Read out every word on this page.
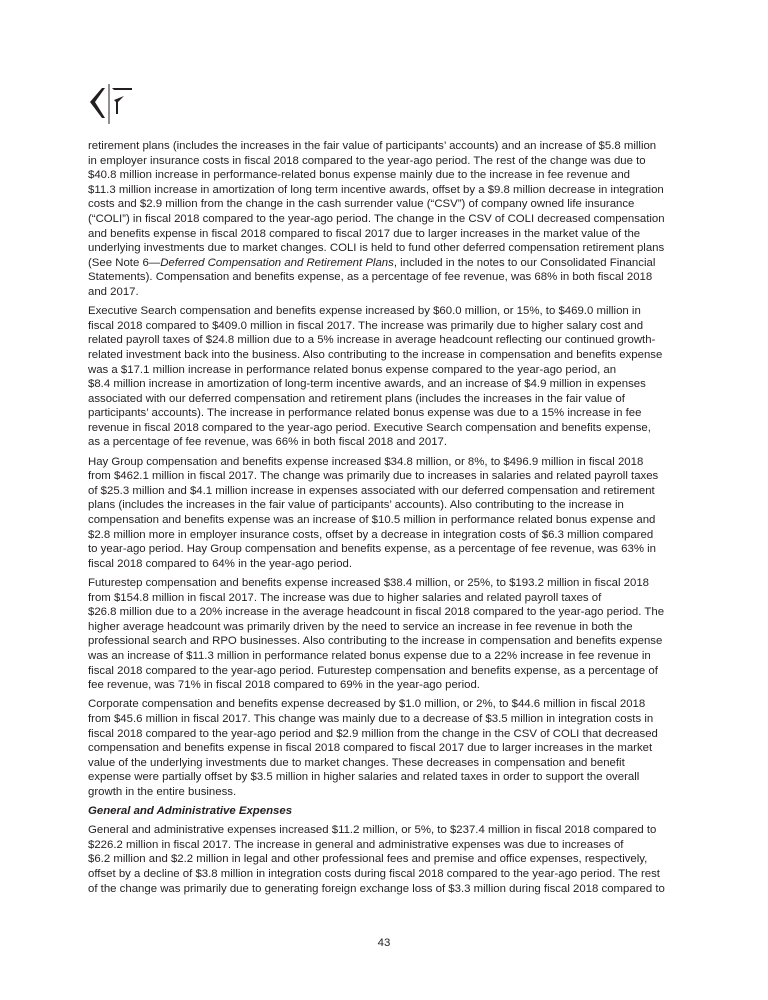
retirement plans (includes the increases in the fair value of participants’ accounts) and an increase of $5.8 million
in employer insurance costs in fiscal 2018 compared to the year-ago period. The rest of the change was due to
$40.8 million increase in performance-related bonus expense mainly due to the increase in fee revenue and
$11.3 million increase in amortization of long term incentive awards, offset by a $9.8 million decrease in integration
costs and $2.9 million from the change in the cash surrender value (“CSV”) of company owned life insurance
(“COLI”) in fiscal 2018 compared to the year-ago period. The change in the CSV of COLI decreased compensation
and benefits expense in fiscal 2018 compared to fiscal 2017 due to larger increases in the market value of the
underlying investments due to market changes. COLI is held to fund other deferred compensation retirement plans
(See Note 6—Deferred Compensation and Retirement Plans, included in the notes to our Consolidated Financial
Statements). Compensation and benefits expense, as a percentage of fee revenue, was 68% in both fiscal 2018
and 2017.
Executive Search compensation and benefits expense increased by $60.0 million, or 15%, to $469.0 million in
fiscal 2018 compared to $409.0 million in fiscal 2017. The increase was primarily due to higher salary cost and
related payroll taxes of $24.8 million due to a 5% increase in average headcount reflecting our continued growth-
related investment back into the business. Also contributing to the increase in compensation and benefits expense
was a $17.1 million increase in performance related bonus expense compared to the year-ago period, an
$8.4 million increase in amortization of long-term incentive awards, and an increase of $4.9 million in expenses
associated with our deferred compensation and retirement plans (includes the increases in the fair value of
participants’ accounts). The increase in performance related bonus expense was due to a 15% increase in fee
revenue in fiscal 2018 compared to the year-ago period. Executive Search compensation and benefits expense,
as a percentage of fee revenue, was 66% in both fiscal 2018 and 2017.
Hay Group compensation and benefits expense increased $34.8 million, or 8%, to $496.9 million in fiscal 2018
from $462.1 million in fiscal 2017. The change was primarily due to increases in salaries and related payroll taxes
of $25.3 million and $4.1 million increase in expenses associated with our deferred compensation and retirement
plans (includes the increases in the fair value of participants’ accounts). Also contributing to the increase in
compensation and benefits expense was an increase of $10.5 million in performance related bonus expense and
$2.8 million more in employer insurance costs, offset by a decrease in integration costs of $6.3 million compared
to year-ago period. Hay Group compensation and benefits expense, as a percentage of fee revenue, was 63% in
fiscal 2018 compared to 64% in the year-ago period.
Futurestep compensation and benefits expense increased $38.4 million, or 25%, to $193.2 million in fiscal 2018
from $154.8 million in fiscal 2017. The increase was due to higher salaries and related payroll taxes of
$26.8 million due to a 20% increase in the average headcount in fiscal 2018 compared to the year-ago period. The
higher average headcount was primarily driven by the need to service an increase in fee revenue in both the
professional search and RPO businesses. Also contributing to the increase in compensation and benefits expense
was an increase of $11.3 million in performance related bonus expense due to a 22% increase in fee revenue in
fiscal 2018 compared to the year-ago period. Futurestep compensation and benefits expense, as a percentage of
fee revenue, was 71% in fiscal 2018 compared to 69% in the year-ago period.
Corporate compensation and benefits expense decreased by $1.0 million, or 2%, to $44.6 million in fiscal 2018
from $45.6 million in fiscal 2017. This change was mainly due to a decrease of $3.5 million in integration costs in
fiscal 2018 compared to the year-ago period and $2.9 million from the change in the CSV of COLI that decreased
compensation and benefits expense in fiscal 2018 compared to fiscal 2017 due to larger increases in the market
value of the underlying investments due to market changes. These decreases in compensation and benefit
expense were partially offset by $3.5 million in higher salaries and related taxes in order to support the overall
growth in the entire business.
General and Administrative Expenses
General and administrative expenses increased $11.2 million, or 5%, to $237.4 million in fiscal 2018 compared to
$226.2 million in fiscal 2017. The increase in general and administrative expenses was due to increases of
$6.2 million and $2.2 million in legal and other professional fees and premise and office expenses, respectively,
offset by a decline of $3.8 million in integration costs during fiscal 2018 compared to the year-ago period. The rest
of the change was primarily due to generating foreign exchange loss of $3.3 million during fiscal 2018 compared to
43
